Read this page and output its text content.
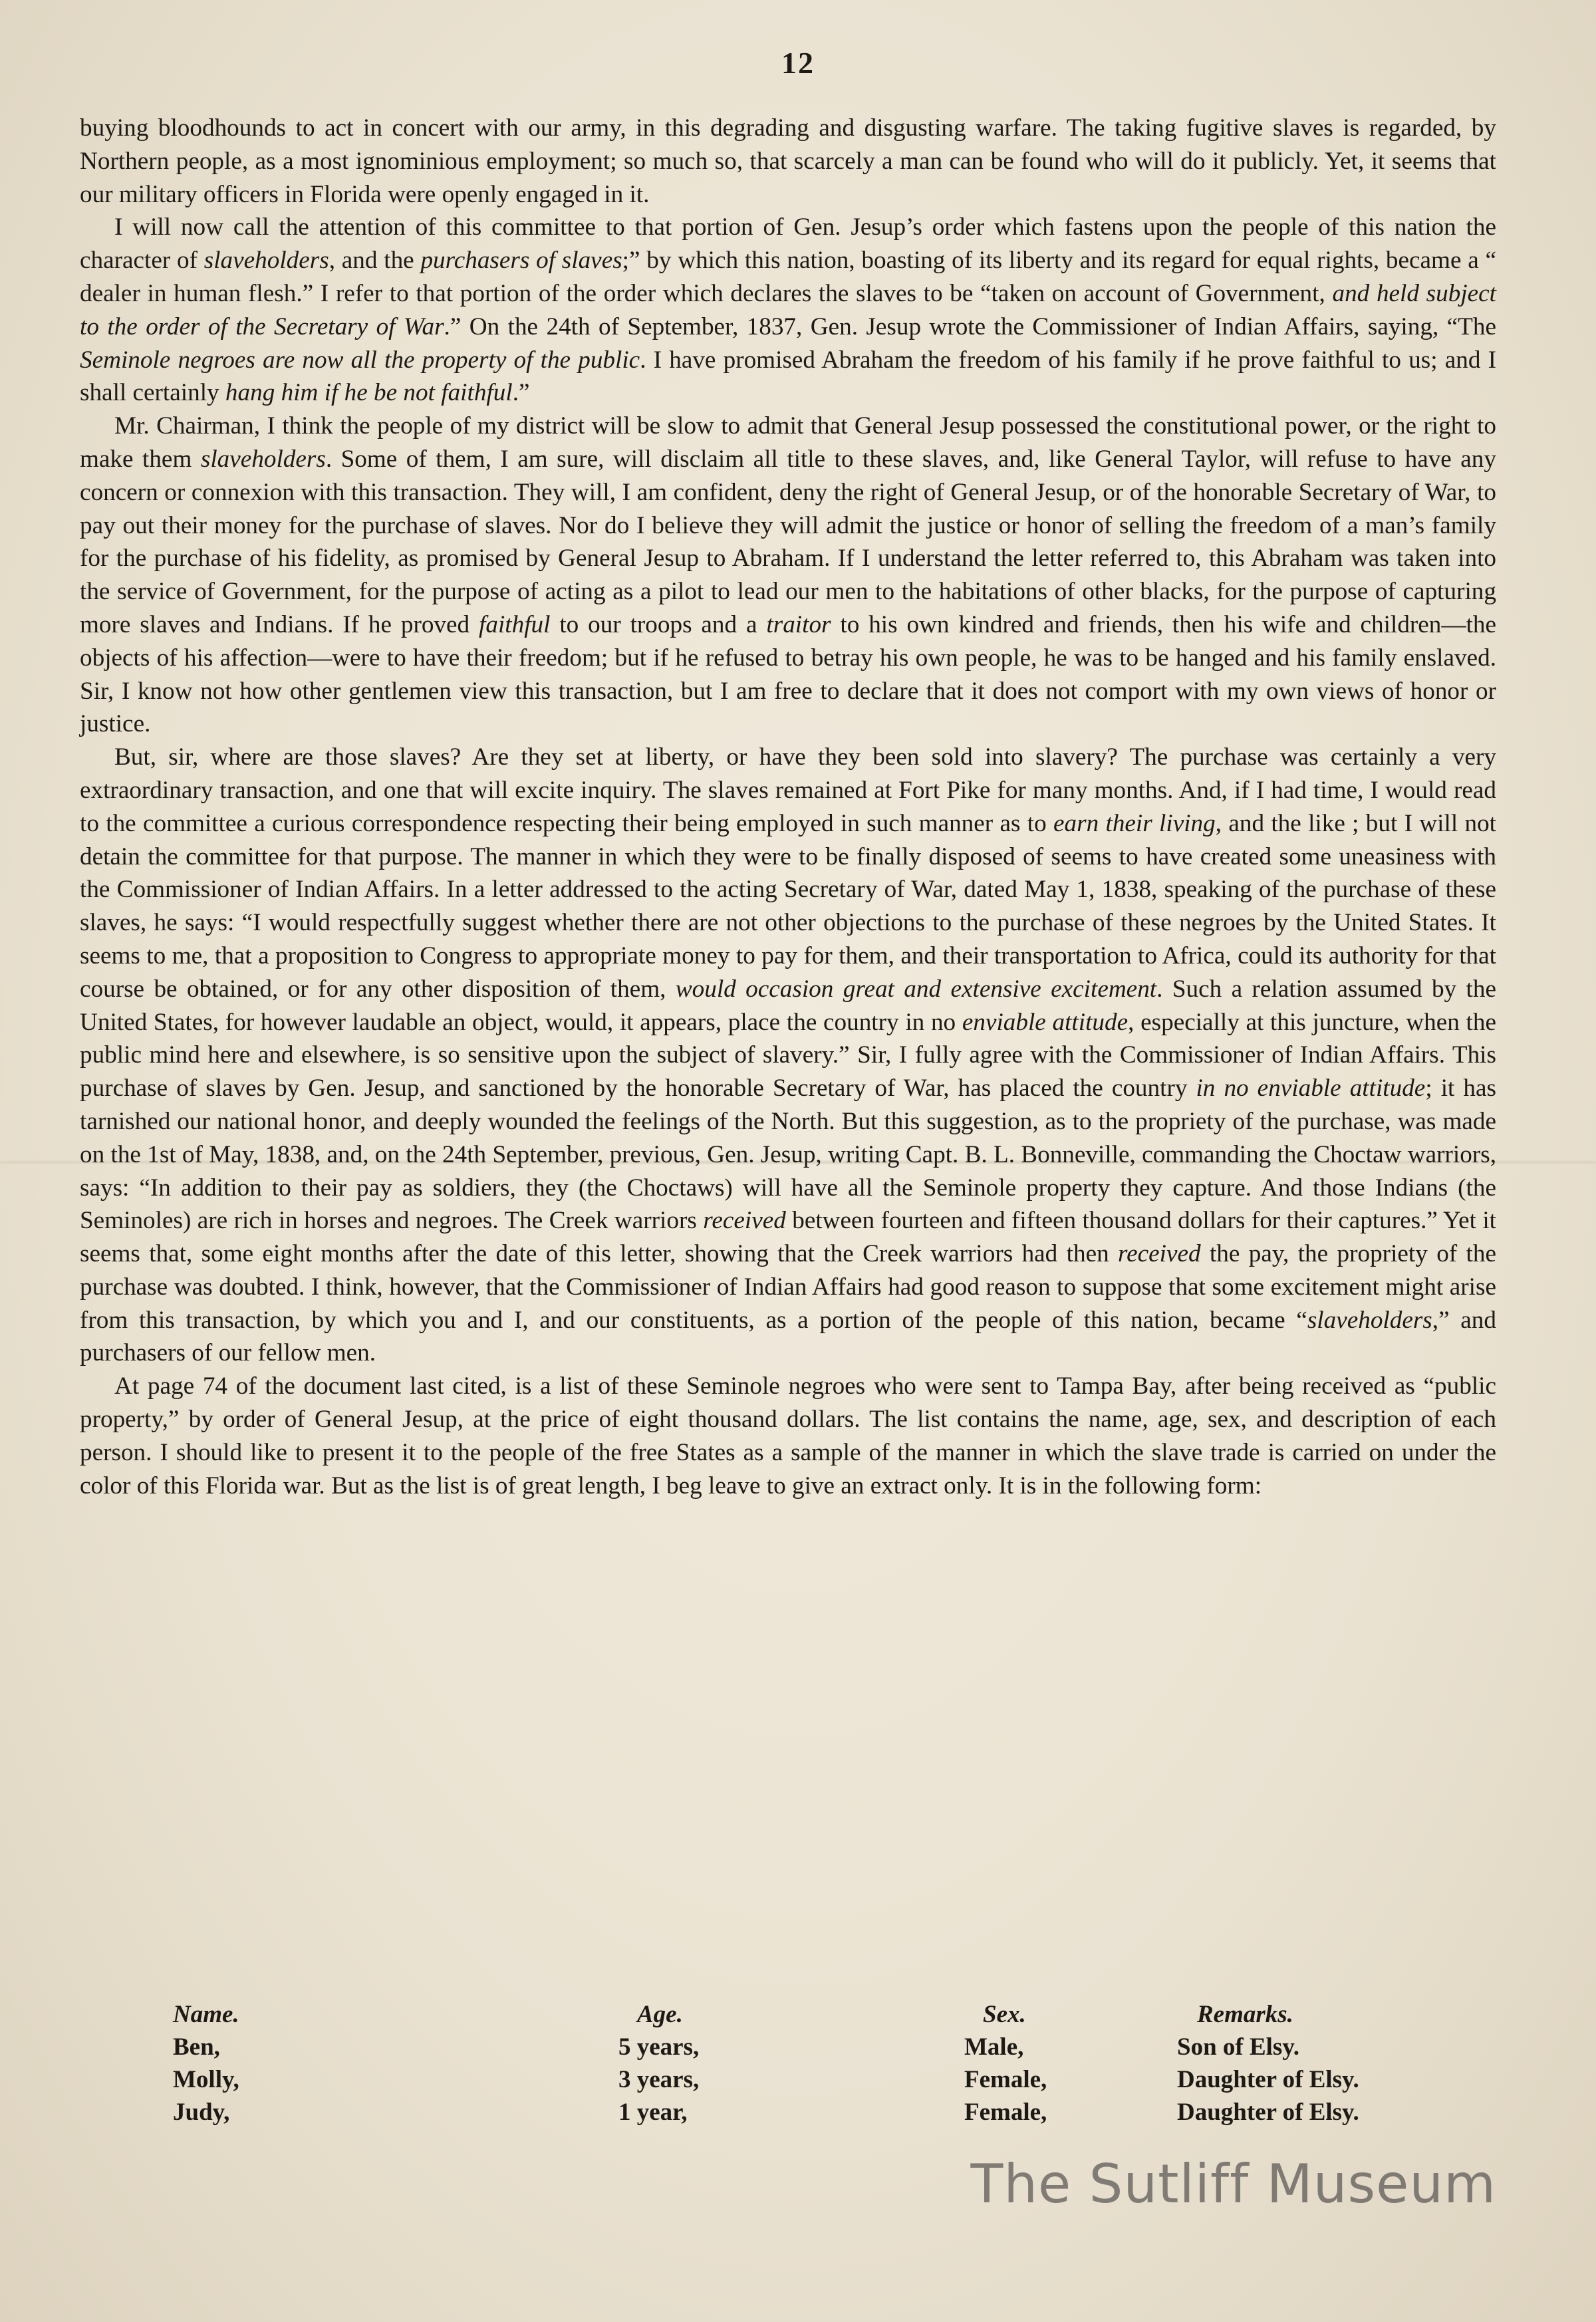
12

buying bloodhounds to act in concert with our army, in this degrading and disgusting warfare. The taking fugitive slaves is regarded, by Northern people, as a most ignominious employment; so much so, that scarcely a man can be found who will do it publicly. Yet, it seems that our military officers in Florida were openly engaged in it.

I will now call the attention of this committee to that portion of Gen. Jesup’s order which fastens upon the people of this nation the character of slaveholders, and the purchasers of slaves;” by which this nation, boasting of its liberty and its regard for equal rights, became a “ dealer in human flesh.” I refer to that portion of the order which declares the slaves to be “taken on account of Government, and held subject to the order of the Secretary of War.” On the 24th of September, 1837, Gen. Jesup wrote the Commissioner of Indian Affairs, saying, “The Seminole negroes are now all the property of the public. I have promised Abraham the freedom of his family if he prove faithful to us; and I shall certainly hang him if he be not faithful.”

Mr. Chairman, I think the people of my district will be slow to admit that General Jesup possessed the constitutional power, or the right to make them slaveholders. Some of them, I am sure, will disclaim all title to these slaves, and, like General Taylor, will refuse to have any concern or connexion with this transaction. They will, I am confident, deny the right of General Jesup, or of the honorable Secretary of War, to pay out their money for the purchase of slaves. Nor do I believe they will admit the justice or honor of selling the freedom of a man’s family for the purchase of his fidelity, as promised by General Jesup to Abraham. If I understand the letter referred to, this Abraham was taken into the service of Government, for the purpose of acting as a pilot to lead our men to the habitations of other blacks, for the purpose of capturing more slaves and Indians. If he proved faithful to our troops and a traitor to his own kindred and friends, then his wife and children—the objects of his affection—were to have their freedom; but if he refused to betray his own people, he was to be hanged and his family enslaved. Sir, I know not how other gentlemen view this transaction, but I am free to declare that it does not comport with my own views of honor or justice.

But, sir, where are those slaves? Are they set at liberty, or have they been sold into slavery? The purchase was certainly a very extraordinary transaction, and one that will excite inquiry. The slaves remained at Fort Pike for many months. And, if I had time, I would read to the committee a curious correspondence respecting their being employed in such manner as to earn their living, and the like ; but I will not detain the committee for that purpose. The manner in which they were to be finally disposed of seems to have created some uneasiness with the Commissioner of Indian Affairs. In a letter addressed to the acting Secretary of War, dated May 1, 1838, speaking of the purchase of these slaves, he says: “I would respectfully suggest whether there are not other objections to the purchase of these negroes by the United States. It seems to me, that a proposition to Congress to appropriate money to pay for them, and their transportation to Africa, could its authority for that course be obtained, or for any other disposition of them, would occasion great and extensive excitement. Such a relation assumed by the United States, for however laudable an object, would, it appears, place the country in no enviable attitude, especially at this juncture, when the public mind here and elsewhere, is so sensitive upon the subject of slavery.” Sir, I fully agree with the Commissioner of Indian Affairs. This purchase of slaves by Gen. Jesup, and sanctioned by the honorable Secretary of War, has placed the country in no enviable attitude; it has tarnished our national honor, and deeply wounded the feelings of the North. But this suggestion, as to the propriety of the purchase, was made on the 1st of May, 1838, and, on the 24th September, previous, Gen. Jesup, writing Capt. B. L. Bonneville, commanding the Choctaw warriors, says: “In addition to their pay as soldiers, they (the Choctaws) will have all the Seminole property they capture. And those Indians (the Seminoles) are rich in horses and negroes. The Creek warriors received between fourteen and fifteen thousand dollars for their captures.” Yet it seems that, some eight months after the date of this letter, showing that the Creek warriors had then received the pay, the propriety of the purchase was doubted. I think, however, that the Commissioner of Indian Affairs had good reason to suppose that some excitement might arise from this transaction, by which you and I, and our constituents, as a portion of the people of this nation, became “slaveholders,” and purchasers of our fellow men.

At page 74 of the document last cited, is a list of these Seminole negroes who were sent to Tampa Bay, after being received as “public property,” by order of General Jesup, at the price of eight thousand dollars. The list contains the name, age, sex, and description of each person. I should like to present it to the people of the free States as a sample of the manner in which the slave trade is carried on under the color of this Florida war. But as the list is of great length, I beg leave to give an extract only. It is in the following form:

Name.	Age.	Sex.	Remarks.
Ben,	5 years,	Male,	Son of Elsy.
Molly,	3 years,	Female,	Daughter of Elsy.
Judy,	1 year,	Female,	Daughter of Elsy.
The Sutliff Museum
